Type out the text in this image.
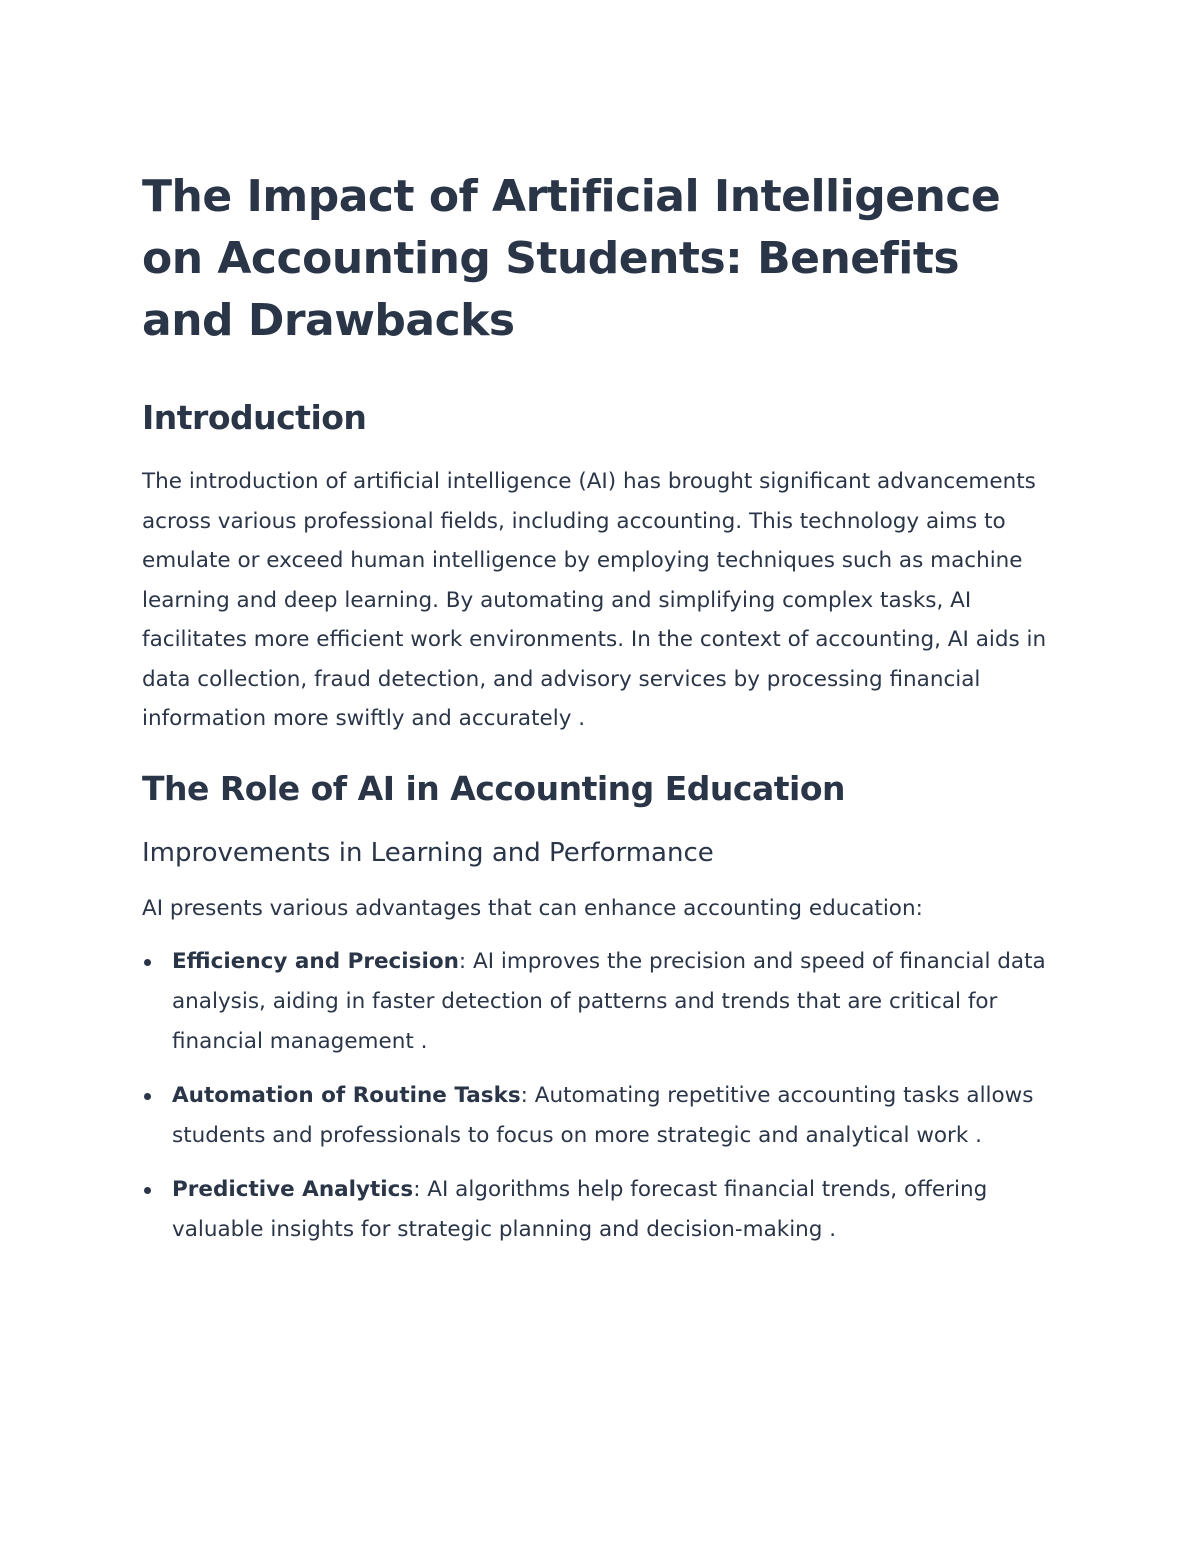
The Impact of Artificial Intelligence on Accounting Students: Benefits and Drawbacks
Introduction

The introduction of artificial intelligence (AI) has brought significant advancements across various professional fields, including accounting. This technology aims to emulate or exceed human intelligence by employing techniques such as machine learning and deep learning. By automating and simplifying complex tasks, AI facilitates more efficient work environments. In the context of accounting, AI aids in data collection, fraud detection, and advisory services by processing financial information more swiftly and accurately .

The Role of AI in Accounting Education
Improvements in Learning and Performance

AI presents various advantages that can enhance accounting education:

Efficiency and Precision: AI improves the precision and speed of financial data analysis, aiding in faster detection of patterns and trends that are critical for financial management .
Automation of Routine Tasks: Automating repetitive accounting tasks allows students and professionals to focus on more strategic and analytical work .
Predictive Analytics: AI algorithms help forecast financial trends, offering valuable insights for strategic planning and decision-making .
